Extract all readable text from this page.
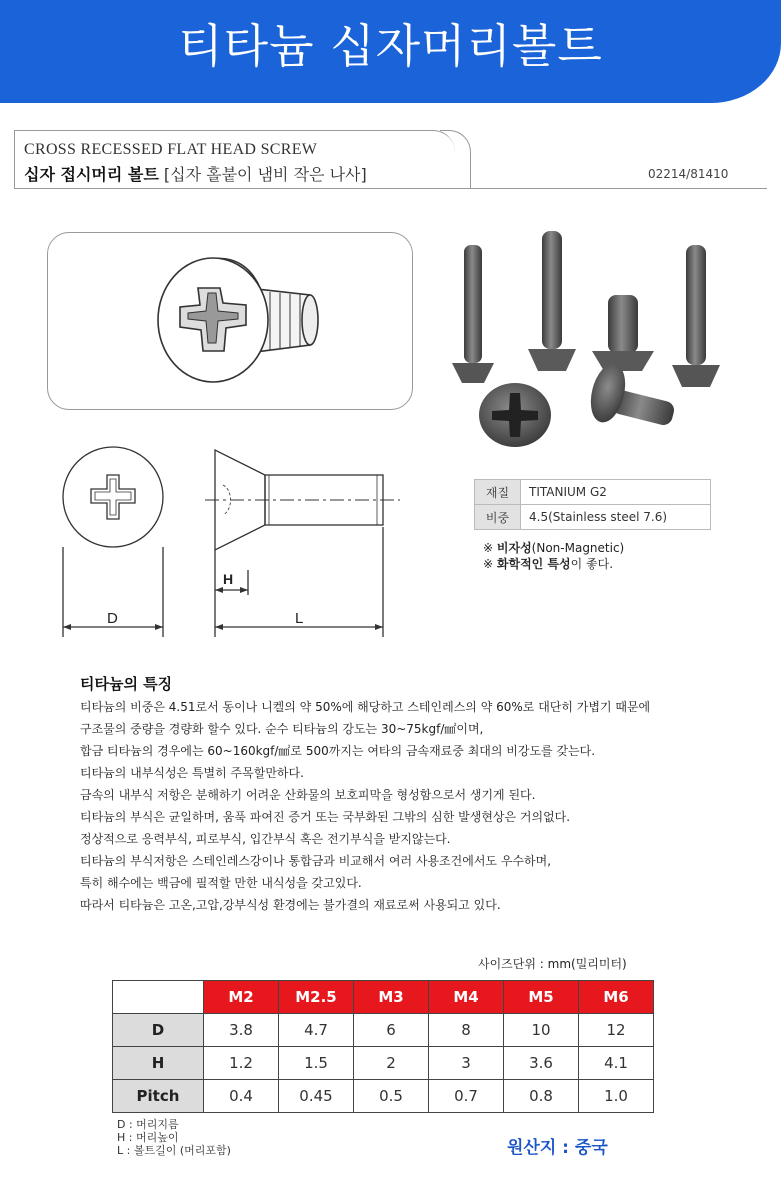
티타늄 십자머리볼트
CROSS RECESSED FLAT HEAD SCREW
십자 접시머리 볼트 [십자 홀붙이 냄비 작은 나사]	02214/81410
D
H
L
재질	TITANIUM G2
비중	4.5(Stainless steel 7.6)
※ 비자성(Non-Magnetic)
※ 화학적인 특성이 좋다.
티타늄의 특징
티타늄의 비중은 4.51로서 동이나 니켈의 약 50%에 해당하고 스테인레스의 약 60%로 대단히 가볍기 때문에
구조물의 중량을 경량화 할수 있다. 순수 티타늄의 강도는 30~75kgf/㎟이며,
합금 티타늄의 경우에는 60~160kgf/㎟로 500까지는 여타의 금속재료중 최대의 비강도를 갖는다.
티타늄의 내부식성은 특별히 주목할만하다.
금속의 내부식 저항은 분해하기 어려운 산화물의 보호피막을 형성함으로서 생기게 된다.
티타늄의 부식은 균일하며, 움푹 파여진 증거 또는 국부화된 그밖의 심한 발생현상은 거의없다.
정상적으로 응력부식, 피로부식, 입간부식 혹은 전기부식을 받지않는다.
티타늄의 부식저항은 스테인레스강이나 통합금과 비교해서 여러 사용조건에서도 우수하며,
특히 해수에는 백금에 필적할 만한 내식성을 갖고있다.
따라서 티타늄은 고온,고압,강부식성 환경에는 불가결의 재료로써 사용되고 있다.
사이즈단위 : mm(밀리미터)
	M2	M2.5	M3	M4	M5	M6
D	3.8	4.7	6	8	10	12
H	1.2	1.5	2	3	3.6	4.1
Pitch	0.4	0.45	0.5	0.7	0.8	1.0
D : 머리지름
H : 머리높이
L : 볼트길이 (머리포함)	원산지 : 중국
